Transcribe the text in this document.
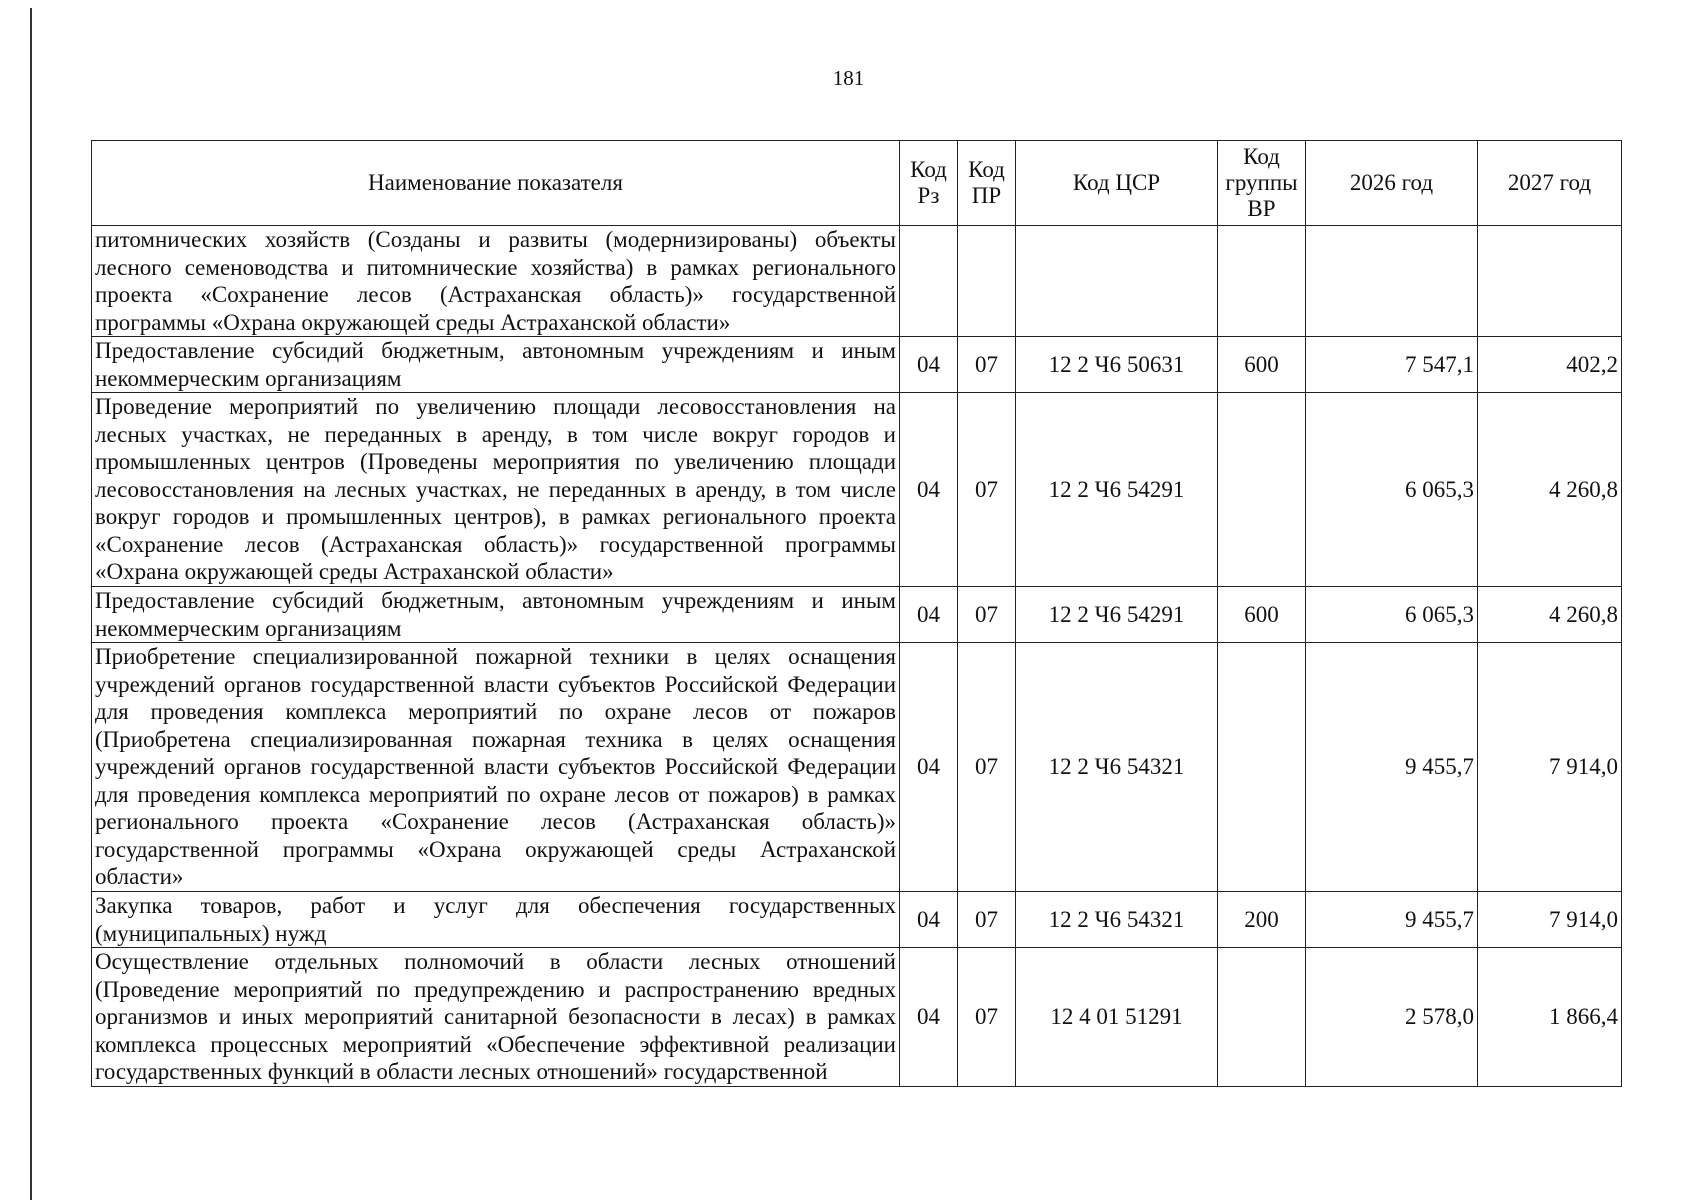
181
Наименование показателя	Код Рз	Код ПР	Код ЦСР	Код группы ВР	2026 год	2027 год
питомнических хозяйств (Созданы и развиты (модернизированы) объекты лесного семеноводства и питомнические хозяйства) в рамках регионального проекта «Сохранение лесов (Астраханская область)» государственной программы «Охрана окружающей среды Астраханской области»						
Предоставление субсидий бюджетным, автономным учреждениям и иным некоммерческим организациям	04	07	12 2 Ч6 50631	600	7 547,1	402,2
Проведение мероприятий по увеличению площади лесовосстановления на лесных участках, не переданных в аренду, в том числе вокруг городов и промышленных центров (Проведены мероприятия по увеличению площади лесовосстановления на лесных участках, не переданных в аренду, в том числе вокруг городов и промышленных центров), в рамках регионального проекта «Сохранение лесов (Астраханская область)» государственной программы «Охрана окружающей среды Астраханской области»	04	07	12 2 Ч6 54291		6 065,3	4 260,8
Предоставление субсидий бюджетным, автономным учреждениям и иным некоммерческим организациям	04	07	12 2 Ч6 54291	600	6 065,3	4 260,8
Приобретение специализированной пожарной техники в целях оснащения учреждений органов государственной власти субъектов Российской Федерации для проведения комплекса мероприятий по охране лесов от пожаров (Приобретена специализированная пожарная техника в целях оснащения учреждений органов государственной власти субъектов Российской Федерации для проведения комплекса мероприятий по охране лесов от пожаров) в рамках регионального проекта «Сохранение лесов (Астраханская область)» государственной программы «Охрана окружающей среды Астраханской области»	04	07	12 2 Ч6 54321		9 455,7	7 914,0
Закупка товаров, работ и услуг для обеспечения государственных (муниципальных) нужд	04	07	12 2 Ч6 54321	200	9 455,7	7 914,0
Осуществление отдельных полномочий в области лесных отношений (Проведение мероприятий по предупреждению и распространению вредных организмов и иных мероприятий санитарной безопасности в лесах) в рамках комплекса процессных мероприятий «Обеспечение эффективной реализации государственных функций в области лесных отношений» государственной	04	07	12 4 01 51291		2 578,0	1 866,4
